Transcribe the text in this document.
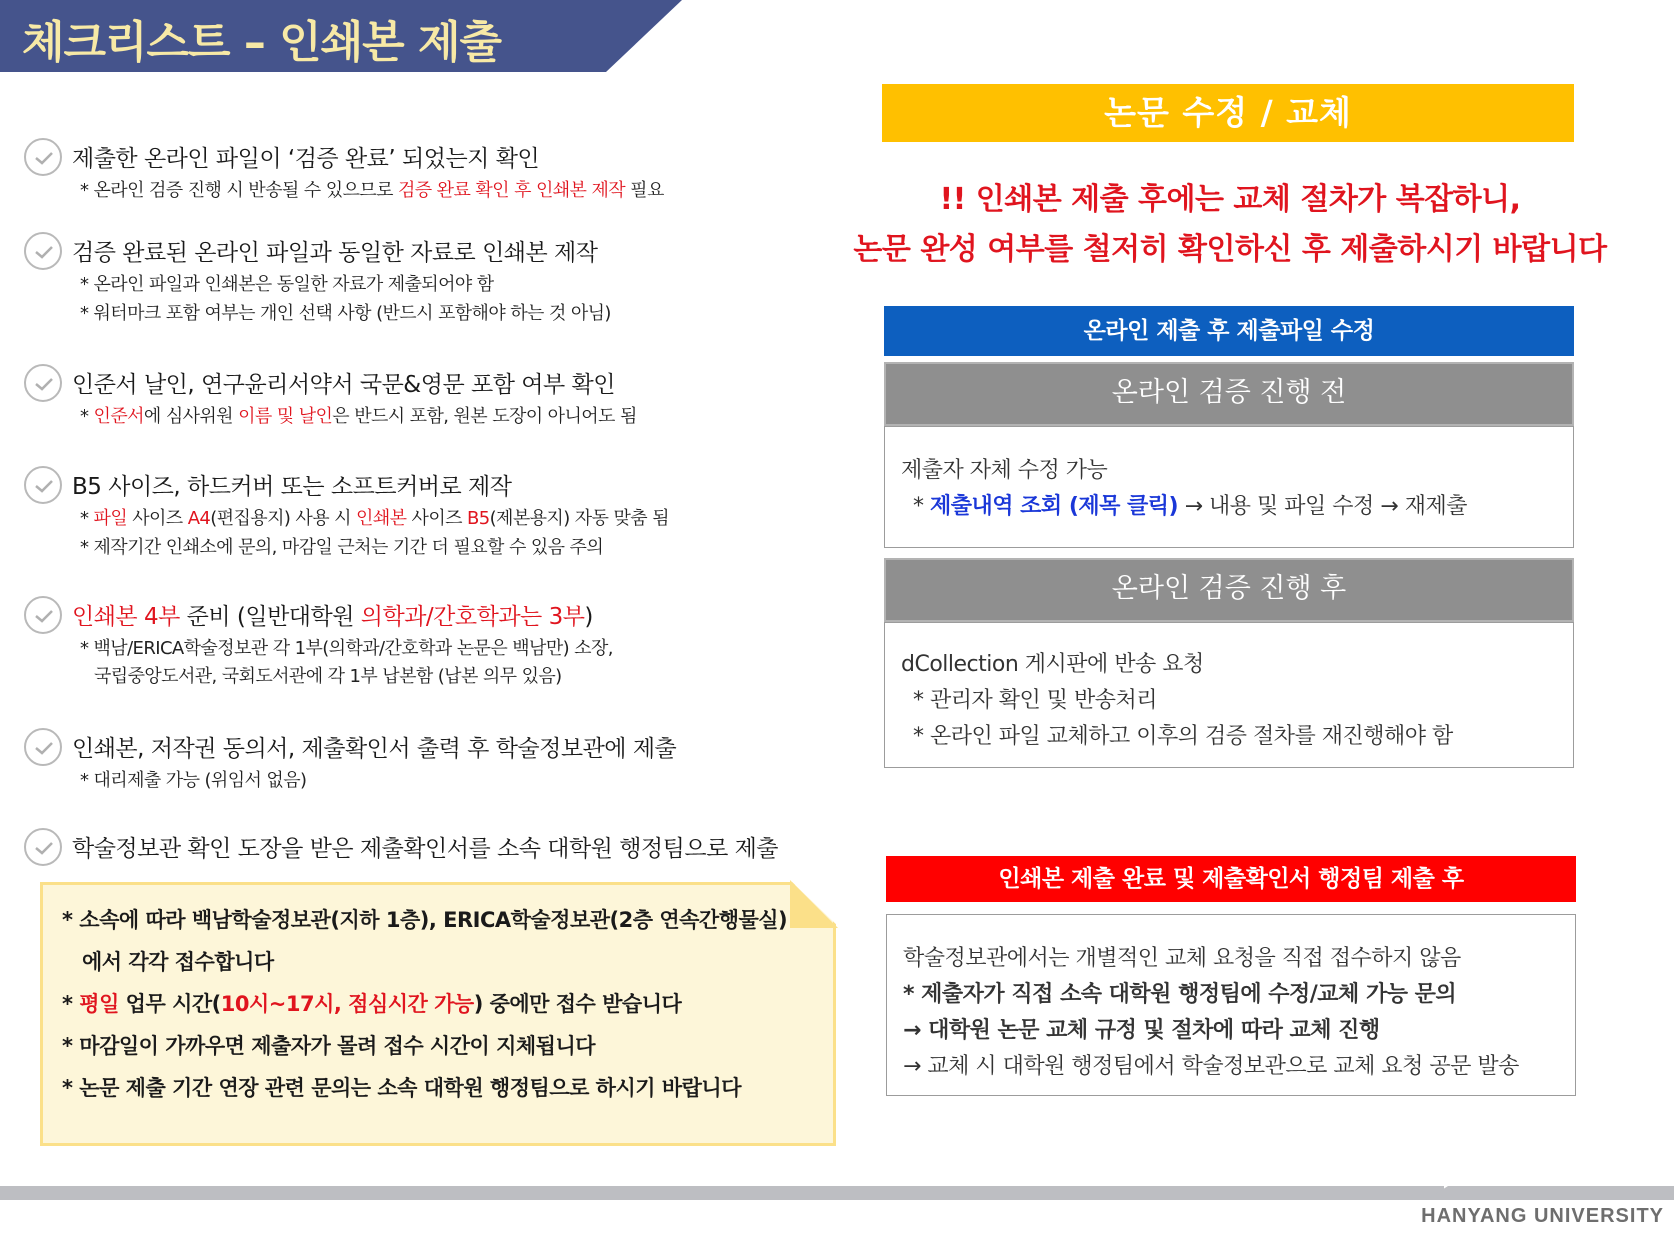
체크리스트 – 인쇄본 제출
제출한 온라인 파일이 ‘검증 완료’ 되었는지 확인
* 온라인 검증 진행 시 반송될 수 있으므로 검증 완료 확인 후 인쇄본 제작 필요
검증 완료된 온라인 파일과 동일한 자료로 인쇄본 제작
* 온라인 파일과 인쇄본은 동일한 자료가 제출되어야 함
* 워터마크 포함 여부는 개인 선택 사항 (반드시 포함해야 하는 것 아님)
인준서 날인, 연구윤리서약서 국문&영문 포함 여부 확인
* 인준서에 심사위원 이름 및 날인은 반드시 포함, 원본 도장이 아니어도 됨
B5 사이즈, 하드커버 또는 소프트커버로 제작
* 파일 사이즈 A4(편집용지) 사용 시 인쇄본 사이즈 B5(제본용지) 자동 맞춤 됨
* 제작기간 인쇄소에 문의, 마감일 근처는 기간 더 필요할 수 있음 주의
인쇄본 4부 준비 (일반대학원 의학과/간호학과는 3부)
* 백남/ERICA학술정보관 각 1부(의학과/간호학과 논문은 백남만) 소장,
국립중앙도서관, 국회도서관에 각 1부 납본함 (납본 의무 있음)
인쇄본, 저작권 동의서, 제출확인서 출력 후 학술정보관에 제출
* 대리제출 가능 (위임서 없음)
학술정보관 확인 도장을 받은 제출확인서를 소속 대학원 행정팀으로 제출
* 소속에 따라 백남학술정보관(지하 1층), ERICA학술정보관(2층 연속간행물실)
에서 각각 접수합니다
* 평일 업무 시간(10시~17시, 점심시간 가능) 중에만 접수 받습니다
* 마감일이 가까우면 제출자가 몰려 접수 시간이 지체됩니다
* 논문 제출 기간 연장 관련 문의는 소속 대학원 행정팀으로 하시기 바랍니다
논문 수정 / 교체
!! 인쇄본 제출 후에는 교체 절차가 복잡하니,
논문 완성 여부를 철저히 확인하신 후 제출하시기 바랍니다
온라인 제출 후 제출파일 수정
온라인 검증 진행 전
제출자 자체 수정 가능
* 제출내역 조회 (제목 클릭) → 내용 및 파일 수정 → 재제출
온라인 검증 진행 후
dCollection 게시판에 반송 요청
* 관리자 확인 및 반송처리
* 온라인 파일 교체하고 이후의 검증 절차를 재진행해야 함
인쇄본 제출 완료 및 제출확인서 행정팀 제출 후
학술정보관에서는 개별적인 교체 요청을 직접 접수하지 않음
* 제출자가 직접 소속 대학원 행정팀에 수정/교체 가능 문의
→ 대학원 논문 교체 규정 및 절차에 따라 교체 진행
→ 교체 시 대학원 행정팀에서 학술정보관으로 교체 요청 공문 발송
HANYANG UNIVERSITY
